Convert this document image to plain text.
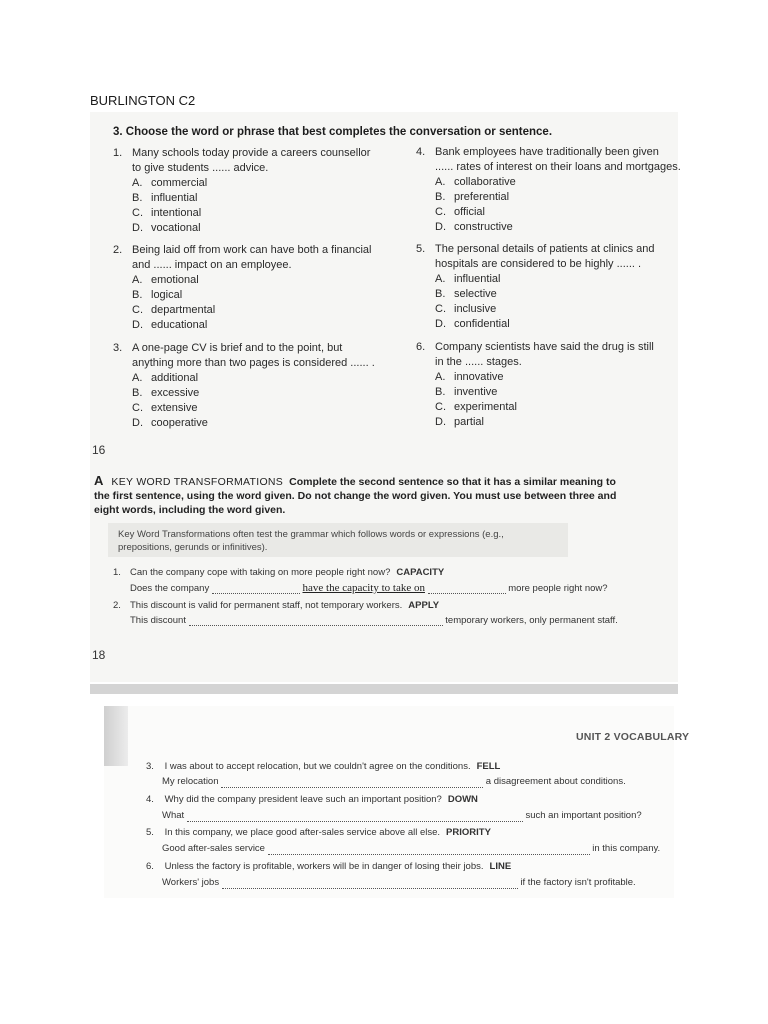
BURLINGTON C2
3. Choose the word or phrase that best completes the conversation or sentence.
1. Many schools today provide a careers counsellor
to give students ...... advice.
A. commercial
B. influential
C. intentional
D. vocational
2. Being laid off from work can have both a financial
and ...... impact on an employee.
A. emotional
B. logical
C. departmental
D. educational
3. A one-page CV is brief and to the point, but
anything more than two pages is considered ...... .
A. additional
B. excessive
C. extensive
D. cooperative
4. Bank employees have traditionally been given
...... rates of interest on their loans and mortgages.
A. collaborative
B. preferential
C. official
D. constructive
5. The personal details of patients at clinics and
hospitals are considered to be highly ...... .
A. influential
B. selective
C. inclusive
D. confidential
6. Company scientists have said the drug is still
in the ...... stages.
A. innovative
B. inventive
C. experimental
D. partial
16
A KEY WORD TRANSFORMATIONS Complete the second sentence so that it has a similar meaning to the first sentence, using the word given. Do not change the word given. You must use between three and eight words, including the word given.
Key Word Transformations often test the grammar which follows words or expressions (e.g., prepositions, gerunds or infinitives).
1. Can the company cope with taking on more people right now? CAPACITY
Does the company	have the capacity to take on	more people right now?
2. This discount is valid for permanent staff, not temporary workers. APPLY
This discount	temporary workers, only permanent staff.
18
UNIT 2 VOCABULARY
3. I was about to accept relocation, but we couldn't agree on the conditions. FELL
My relocation	a disagreement about conditions.
4. Why did the company president leave such an important position? DOWN
What	such an important position?
5. In this company, we place good after-sales service above all else. PRIORITY
Good after-sales service	in this company.
6. Unless the factory is profitable, workers will be in danger of losing their jobs. LINE
Workers' jobs	if the factory isn't profitable.
